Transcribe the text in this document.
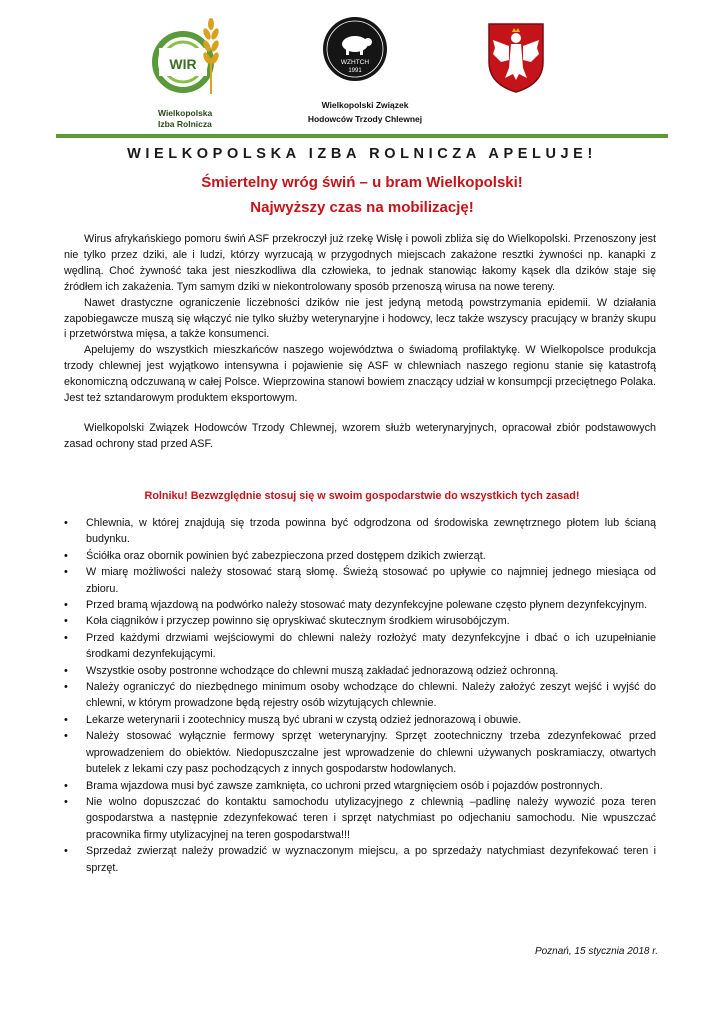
WIR
Wielkopolska
Izba Rolnicza
WZHTCH
1991
Wielkopolski Związek
Hodowców Trzody Chlewnej
WIELKOPOLSKA IZBA ROLNICZA APELUJE!
Śmiertelny wróg świń – u bram Wielkopolski!
Najwyższy czas na mobilizację!

Wirus afrykańskiego pomoru świń ASF przekroczył już rzekę Wisłę i powoli zbliża się do Wielkopolski. Przenoszony jest nie tylko przez dziki, ale i ludzi, którzy wyrzucają w przygodnych miejscach zakażone resztki żywności np. kanapki z wędliną. Choć żywność taka jest nieszkodliwa dla człowieka, to jednak stanowiąc łakomy kąsek dla dzików staje się źródłem ich zakażenia. Tym samym dziki w niekontrolowany sposób przenoszą wirusa na nowe tereny.

Nawet drastyczne ograniczenie liczebności dzików nie jest jedyną metodą powstrzymania epidemii. W działania zapobiegawcze muszą się włączyć nie tylko służby weterynaryjne i hodowcy, lecz także wszyscy pracujący w branży skupu i przetwórstwa mięsa, a także konsumenci.

Apelujemy do wszystkich mieszkańców naszego województwa o świadomą profilaktykę. W Wielkopolsce produkcja trzody chlewnej jest wyjątkowo intensywna i pojawienie się ASF w chlewniach naszego regionu stanie się katastrofą ekonomiczną odczuwaną w całej Polsce. Wieprzowina stanowi bowiem znaczący udział w konsumpcji przeciętnego Polaka. Jest też sztandarowym produktem eksportowym.

Wielkopolski Związek Hodowców Trzody Chlewnej, wzorem służb weterynaryjnych, opracował zbiór podstawowych zasad ochrony stad przed ASF.

Rolniku! Bezwzględnie stosuj się w swoim gospodarstwie do wszystkich tych zasad!
• Chlewnia, w której znajdują się trzoda powinna być odgrodzona od środowiska zewnętrznego płotem lub ścianą budynku.
• Ściółka oraz obornik powinien być zabezpieczona przed dostępem dzikich zwierząt.
• W miarę możliwości należy stosować starą słomę. Świeżą stosować po upływie co najmniej jednego miesiąca od zbioru.
• Przed bramą wjazdową na podwórko należy stosować maty dezynfekcyjne polewane często płynem dezynfekcyjnym.
• Koła ciągników i przyczep powinno się opryskiwać skutecznym środkiem wirusobójczym.
• Przed każdymi drzwiami wejściowymi do chlewni należy rozłożyć maty dezynfekcyjne i dbać o ich uzupełnianie środkami dezynfekującymi.
• Wszystkie osoby postronne wchodzące do chlewni muszą zakładać jednorazową odzież ochronną.
• Należy ograniczyć do niezbędnego minimum osoby wchodzące do chlewni. Należy założyć zeszyt wejść i wyjść do chlewni, w którym prowadzone będą rejestry osób wizytujących chlewnie.
• Lekarze weterynarii i zootechnicy muszą być ubrani w czystą odzież jednorazową i obuwie.
• Należy stosować wyłącznie fermowy sprzęt weterynaryjny. Sprzęt zootechniczny trzeba zdezynfekować przed wprowadzeniem do obiektów. Niedopuszczalne jest wprowadzenie do chlewni używanych poskramiaczy, otwartych butelek z lekami czy pasz pochodzących z innych gospodarstw hodowlanych.
• Brama wjazdowa musi być zawsze zamknięta, co uchroni przed wtargnięciem osób i pojazdów postronnych.
• Nie wolno dopuszczać do kontaktu samochodu utylizacyjnego z chlewnią –padlinę należy wywozić poza teren gospodarstwa a następnie zdezynfekować teren i sprzęt natychmiast po odjechaniu samochodu. Nie wpuszczać pracownika firmy utylizacyjnej na teren gospodarstwa!!!
• Sprzedaż zwierząt należy prowadzić w wyznaczonym miejscu, a po sprzedaży natychmiast dezynfekować teren i sprzęt.
Poznań, 15 stycznia 2018 r.
